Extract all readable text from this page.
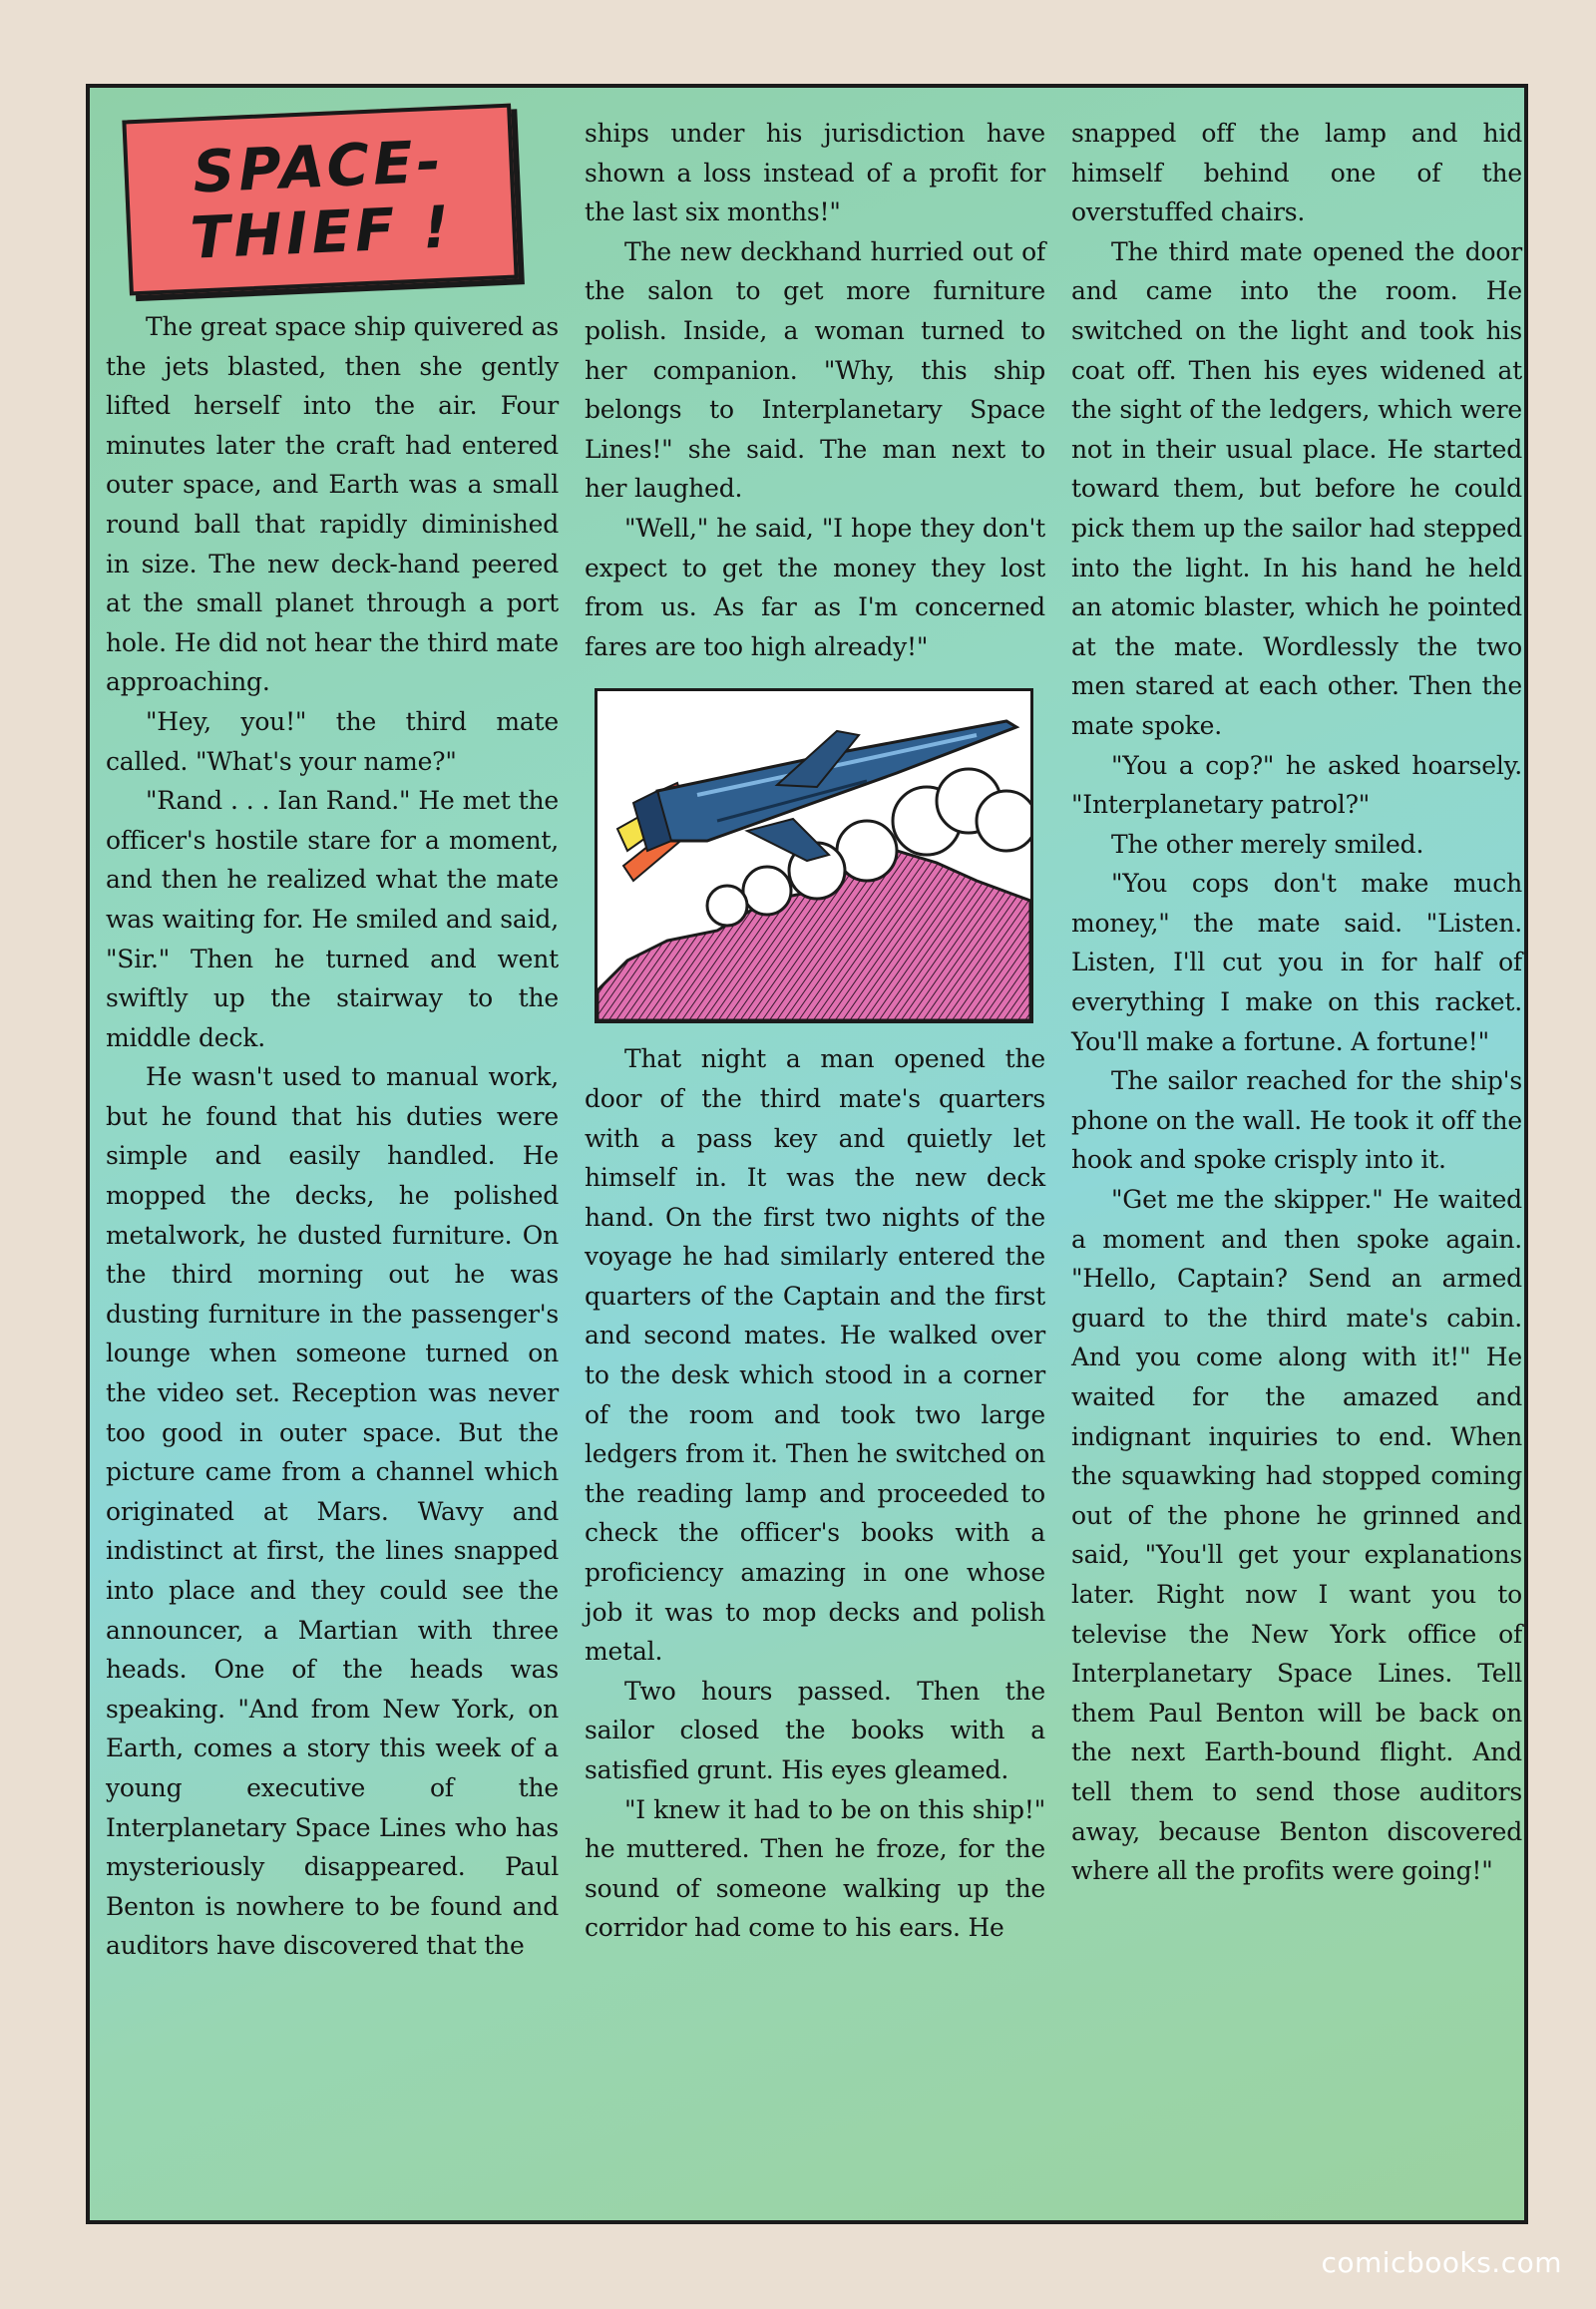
SPACE-
THIEF !

The great space ship quivered as the jets blasted, then she gently lifted herself into the air. Four minutes later the craft had entered outer space, and Earth was a small round ball that rapidly diminished in size. The new deck-hand peered at the small planet through a port hole. He did not hear the third mate approaching.

"Hey, you!" the third mate called. "What's your name?"

"Rand . . . Ian Rand." He met the officer's hostile stare for a moment, and then he realized what the mate was waiting for. He smiled and said, "Sir." Then he turned and went swiftly up the stairway to the middle deck.

He wasn't used to manual work, but he found that his duties were simple and easily handled. He mopped the decks, he polished metalwork, he dusted furniture. On the third morning out he was dusting furniture in the passenger's lounge when someone turned on the video set. Reception was never too good in outer space. But the picture came from a channel which originated at Mars. Wavy and indistinct at first, the lines snapped into place and they could see the announcer, a Martian with three heads. One of the heads was speaking. "And from New York, on Earth, comes a story this week of a young executive of the Interplanetary Space Lines who has mysteriously disappeared. Paul Benton is nowhere to be found and auditors have discovered that the

ships under his jurisdiction have shown a loss instead of a profit for the last six months!"

The new deckhand hurried out of the salon to get more furniture polish. Inside, a woman turned to her companion. "Why, this ship belongs to Interplanetary Space Lines!" she said. The man next to her laughed.

"Well," he said, "I hope they don't expect to get the money they lost from us. As far as I'm concerned fares are too high already!"

That night a man opened the door of the third mate's quarters with a pass key and quietly let himself in. It was the new deck hand. On the first two nights of the voyage he had similarly entered the quarters of the Captain and the first and second mates. He walked over to the desk which stood in a corner of the room and took two large ledgers from it. Then he switched on the reading lamp and proceeded to check the officer's books with a proficiency amazing in one whose job it was to mop decks and polish metal.

Two hours passed. Then the sailor closed the books with a satisfied grunt. His eyes gleamed.

"I knew it had to be on this ship!" he muttered. Then he froze, for the sound of someone walking up the corridor had come to his ears. He

snapped off the lamp and hid himself behind one of the overstuffed chairs.

The third mate opened the door and came into the room. He switched on the light and took his coat off. Then his eyes widened at the sight of the ledgers, which were not in their usual place. He started toward them, but before he could pick them up the sailor had stepped into the light. In his hand he held an atomic blaster, which he pointed at the mate. Wordlessly the two men stared at each other. Then the mate spoke.

"You a cop?" he asked hoarsely. "Interplanetary patrol?"

The other merely smiled.

"You cops don't make much money," the mate said. "Listen. Listen, I'll cut you in for half of everything I make on this racket. You'll make a fortune. A fortune!"

The sailor reached for the ship's phone on the wall. He took it off the hook and spoke crisply into it.

"Get me the skipper." He waited a moment and then spoke again. "Hello, Captain? Send an armed guard to the third mate's cabin. And you come along with it!" He waited for the amazed and indignant inquiries to end. When the squawking had stopped coming out of the phone he grinned and said, "You'll get your explanations later. Right now I want you to televise the New York office of Interplanetary Space Lines. Tell them Paul Benton will be back on the next Earth-bound flight. And tell them to send those auditors away, because Benton discovered where all the profits were going!"

comicbooks.com
